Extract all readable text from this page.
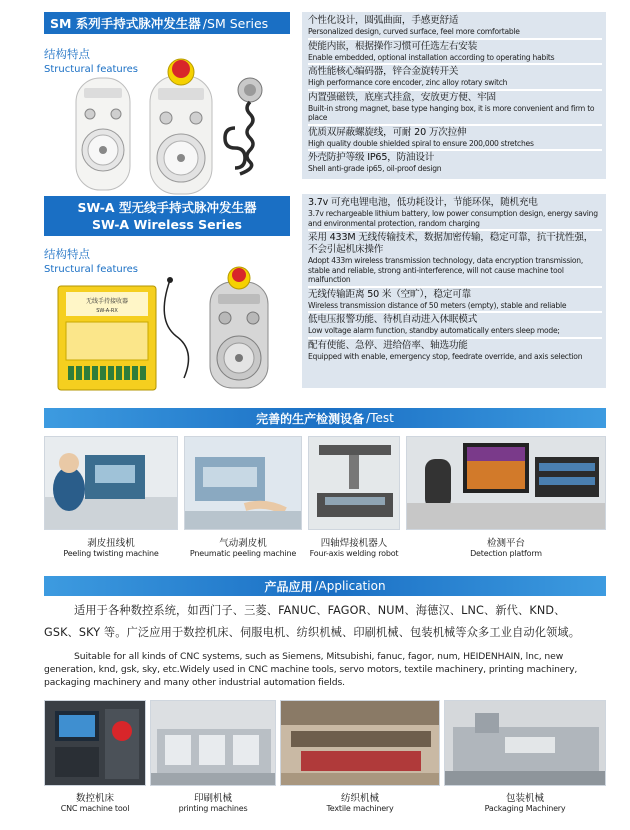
SM 系列手持式脉冲发生器 /SM Series
结构特点
Structural features
个性化设计，圆弧曲面，手感更舒适
Personalized design, curved surface, feel more comfortable
使能内嵌，根据操作习惯可任选左右安装
Enable embedded, optional installation according to operating habits
高性能核心编码器，锌合金旋转开关
High performance core encoder, zinc alloy rotary switch
内置强磁铁，底座式挂盒，安放更方便、牢固
Built-in strong magnet, base type hanging box, it is more convenient and firm to place
优质双屏蔽螺旋线，可耐 20 万次拉伸
High quality double shielded spiral to ensure 200,000 stretches
外壳防护等级 IP65，防油设计
Shell anti-grade ip65, oil-proof design
SW-A 型无线手持式脉冲发生器
SW-A Wireless Series
结构特点
Structural features
无线手持接收器
SW-A-RX
3.7v 可充电锂电池，低功耗设计，节能环保，随机充电
3.7v rechargeable lithium battery, low power consumption design, energy saving and environmental protection, random charging
采用 433M 无线传输技术，数据加密传输，稳定可靠，抗干扰性强，不会引起机床操作
Adopt 433m wireless transmission technology, data encryption transmission, stable and reliable, strong anti-interference, will not cause machine tool malfunction
无线传输距离 50 米（空旷），稳定可靠
Wireless transmission distance of 50 meters (empty), stable and reliable
低电压报警功能、待机自动进入休眠模式
Low voltage alarm function, standby automatically enters sleep mode;
配有使能、急停、进给倍率、轴选功能
Equipped with enable, emergency stop, feedrate override, and axis selection
完善的生产检测设备 /Test
剥皮扭线机
Peeling twisting machine
气动剥皮机
Pneumatic peeling machine
四轴焊接机器人
Four-axis welding robot
检测平台
Detection platform
产品应用 /Application
适用于各种数控系统，如西门子、三菱、FANUC、FAGOR、NUM、海德汉、LNC、新代、KND、
GSK、SKY 等。广泛应用于数控机床、伺服电机、纺织机械、印刷机械、包装机械等众多工业自动化领域。
Suitable for all kinds of CNC systems, such as Siemens, Mitsubishi, fanuc, fagor, num, HEIDENHAIN, lnc, new
generation, knd, gsk, sky, etc.Widely used in CNC machine tools, servo motors, textile machinery, printing machinery,
packaging machinery and many other industrial automation fields.
数控机床
CNC machine tool
印刷机械
printing machines
纺织机械
Textile machinery
包装机械
Packaging Machinery
